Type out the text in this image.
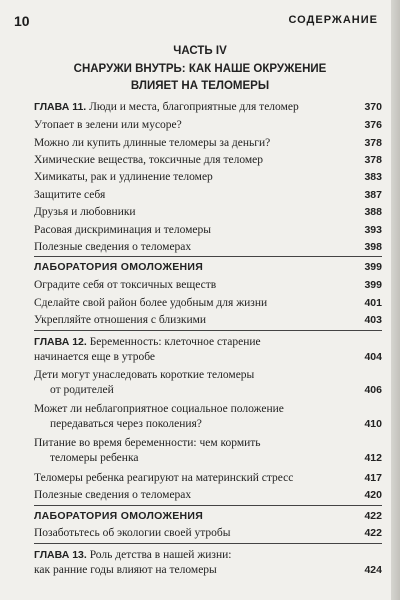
10	СОДЕРЖАНИЕ
ЧАСТЬ IV
СНАРУЖИ ВНУТРЬ: КАК НАШЕ ОКРУЖЕНИЕ
ВЛИЯЕТ НА ТЕЛОМЕРЫ
ГЛАВА 11. Люди и места, благоприятные для теломер	370
Утопает в зелени или мусоре?	376
Можно ли купить длинные теломеры за деньги?	378
Химические вещества, токсичные для теломер	378
Химикаты, рак и удлинение теломер	383
Защитите себя	387
Друзья и любовники	388
Расовая дискриминация и теломеры	393
Полезные сведения о теломерах	398
ЛАБОРАТОРИЯ ОМОЛОЖЕНИЯ	399
Оградите себя от токсичных веществ	399
Сделайте свой район более удобным для жизни	401
Укрепляйте отношения с близкими	403
ГЛАВА 12. Беременность: клеточное старение
начинается еще в утробе	404
Дети могут унаследовать короткие теломеры
от родителей	406
Может ли неблагоприятное социальное положение
передаваться через поколения?	410
Питание во время беременности: чем кормить
теломеры ребенка	412
Теломеры ребенка реагируют на материнский стресс	417
Полезные сведения о теломерах	420
ЛАБОРАТОРИЯ ОМОЛОЖЕНИЯ	422
Позаботьтесь об экологии своей утробы	422
ГЛАВА 13. Роль детства в нашей жизни:
как ранние годы влияют на теломеры	424
